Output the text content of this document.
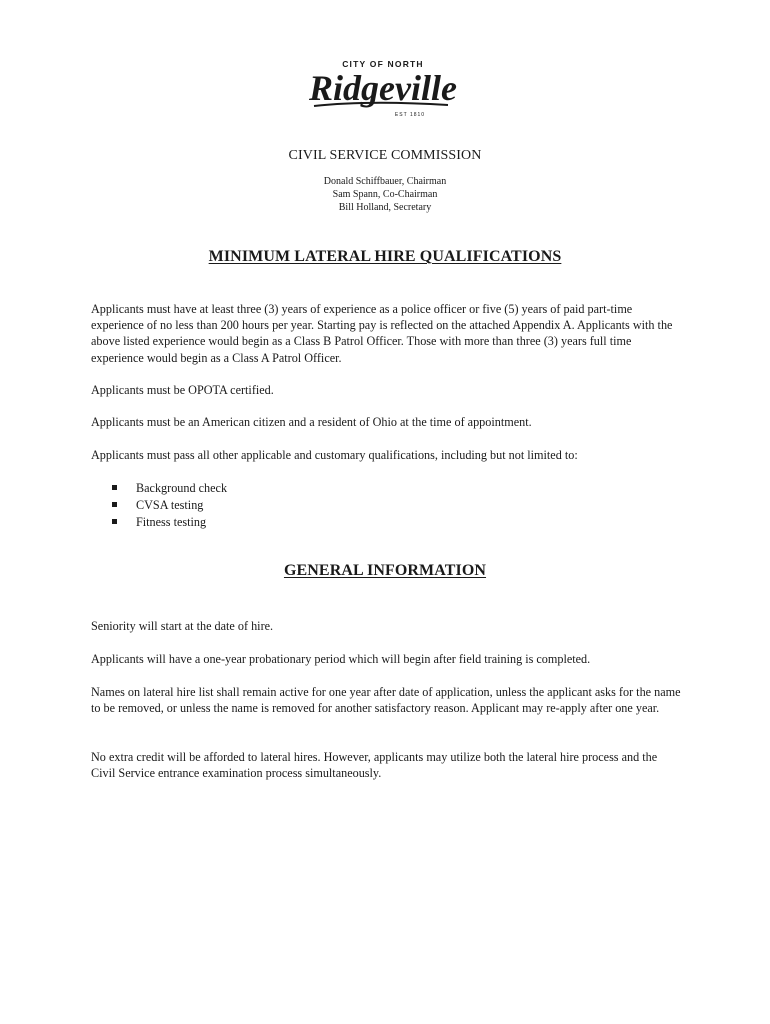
CITY OF NORTH
Ridgeville
EST 1810
CIVIL SERVICE COMMISSION
Donald Schiffbauer, Chairman
Sam Spann, Co-Chairman
Bill Holland, Secretary
MINIMUM LATERAL HIRE QUALIFICATIONS
Applicants must have at least three (3) years of experience as a police officer or five (5) years of paid part-time experience of no less than 200 hours per year. Starting pay is reflected on the attached Appendix A. Applicants with the above listed experience would begin as a Class B Patrol Officer. Those with more than three (3) years full time experience would begin as a Class A Patrol Officer.
Applicants must be OPOTA certified.
Applicants must be an American citizen and a resident of Ohio at the time of appointment.
Applicants must pass all other applicable and customary qualifications, including but not limited to:
Background check
CVSA testing
Fitness testing
GENERAL INFORMATION
Seniority will start at the date of hire.
Applicants will have a one-year probationary period which will begin after field training is completed.
Names on lateral hire list shall remain active for one year after date of application, unless the applicant asks for the name to be removed, or unless the name is removed for another satisfactory reason. Applicant may re-apply after one year.
No extra credit will be afforded to lateral hires. However, applicants may utilize both the lateral hire process and the Civil Service entrance examination process simultaneously.
